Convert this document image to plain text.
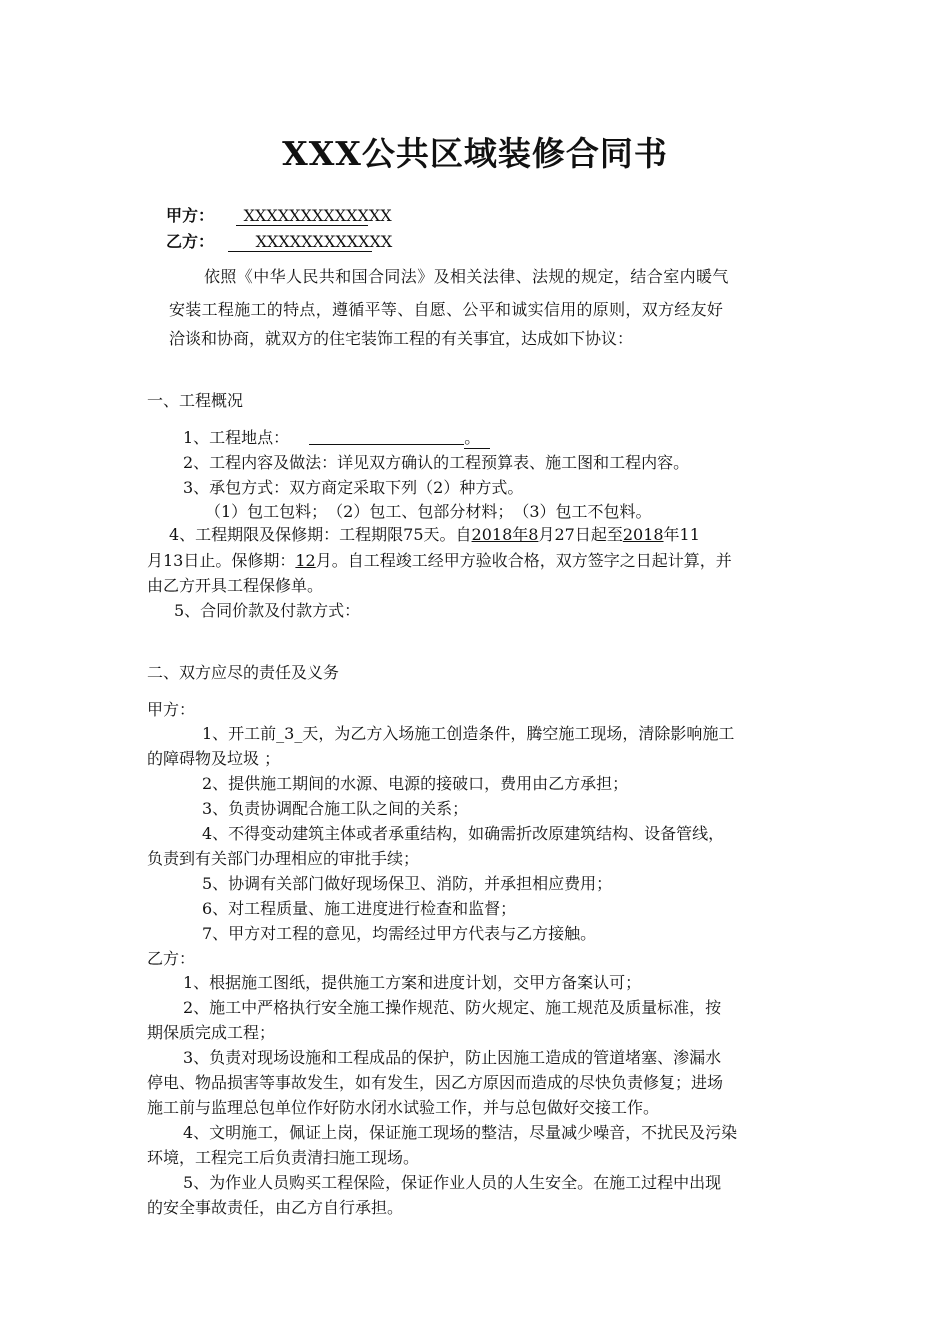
XXX公共区域装修合同书
甲方： XXXXXXXXXXXXX
乙方：	XXXXXXXXXXXX
依照《中华人民共和国合同法》及相关法律、法规的规定，结合室内暖气
安装工程施工的特点，遵循平等、自愿、公平和诚实信用的原则，双方经友好
洽谈和协商，就双方的住宅装饰工程的有关事宜，达成如下协议：
一、工程概况
1、工程地点：	。
2、工程内容及做法：详见双方确认的工程预算表、施工图和工程内容。
3、承包方式：双方商定采取下列（2）种方式。
（1）包工包料；　（2）包工、包部分材料；　（3）包工不包料。
4、工程期限及保修期：工程期限75天。自2018年8月27日起至2018年11
月13日止。保修期：12月。自工程竣工经甲方验收合格，双方签字之日起计算，并
由乙方开具工程保修单。
5、合同价款及付款方式：
二、双方应尽的责任及义务
甲方：
1、开工前_3_天，为乙方入场施工创造条件，腾空施工现场，清除影响施工
的障碍物及垃圾 ；
2、提供施工期间的水源、电源的接破口，费用由乙方承担；
3、负责协调配合施工队之间的关系；
4、不得变动建筑主体或者承重结构，如确需折改原建筑结构、设备管线，
负责到有关部门办理相应的审批手续；
5、协调有关部门做好现场保卫、消防，并承担相应费用；
6、对工程质量、施工进度进行检查和监督；
7、甲方对工程的意见，均需经过甲方代表与乙方接触。
乙方：
1、根据施工图纸，提供施工方案和进度计划，交甲方备案认可；
2、施工中严格执行安全施工操作规范、防火规定、施工规范及质量标准，按
期保质完成工程；
3、负责对现场设施和工程成品的保护，防止因施工造成的管道堵塞、渗漏水
停电、物品损害等事故发生，如有发生，因乙方原因而造成的尽快负责修复；进场
施工前与监理总包单位作好防水闭水试验工作，并与总包做好交接工作。
4、文明施工，佩证上岗，保证施工现场的整洁，尽量减少噪音，不扰民及污染
环境，工程完工后负责清扫施工现场。
5、为作业人员购买工程保险，保证作业人员的人生安全。在施工过程中出现
的安全事故责任，由乙方自行承担。
